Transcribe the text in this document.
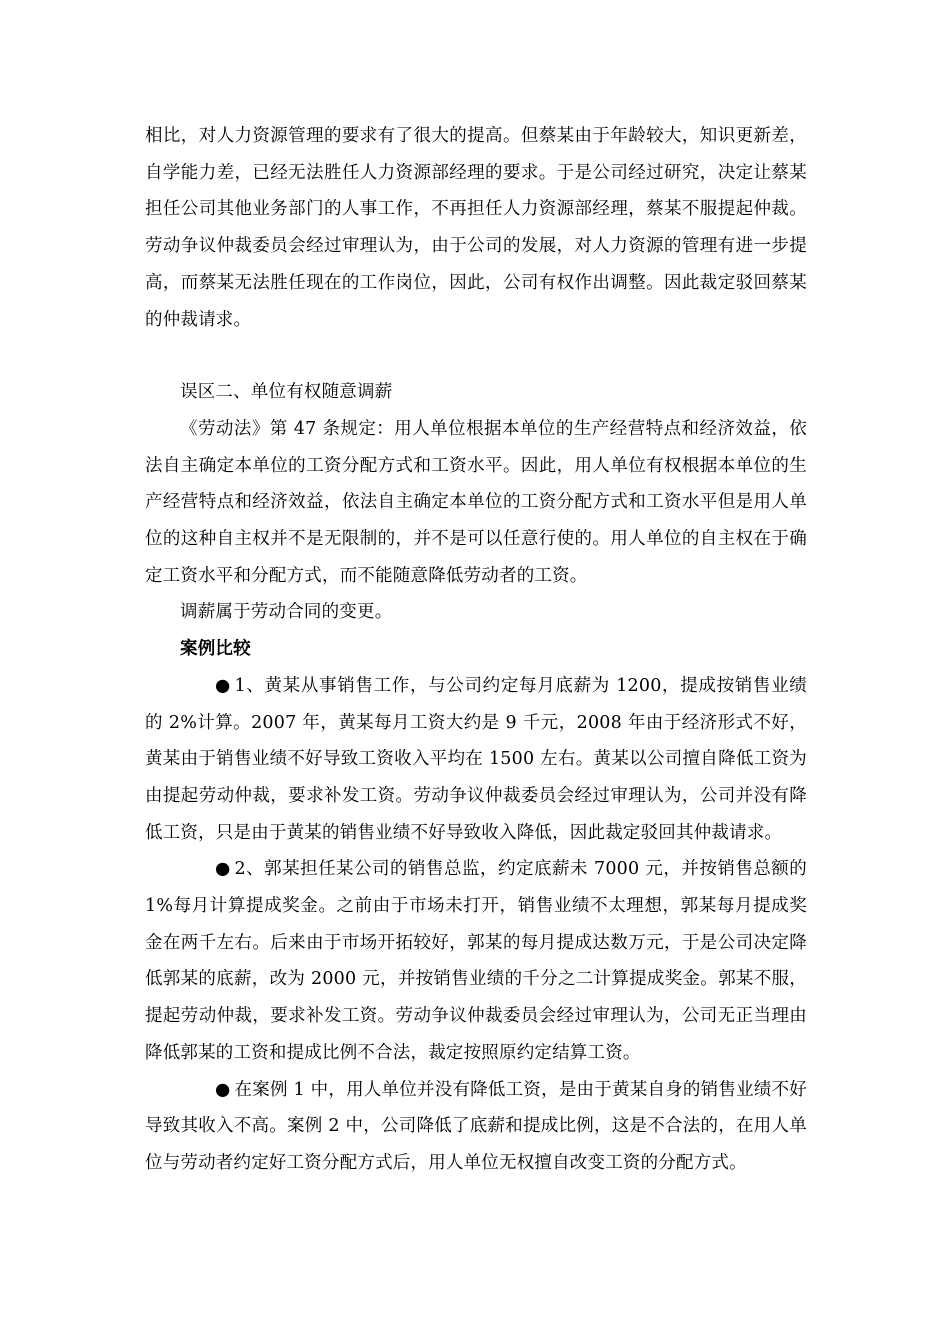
相比，对人力资源管理的要求有了很大的提高。但蔡某由于年龄较大，知识更新差，自学能力差，已经无法胜任人力资源部经理的要求。于是公司经过研究，决定让蔡某担任公司其他业务部门的人事工作，不再担任人力资源部经理，蔡某不服提起仲裁。劳动争议仲裁委员会经过审理认为，由于公司的发展，对人力资源的管理有进一步提高，而蔡某无法胜任现在的工作岗位，因此，公司有权作出调整。因此裁定驳回蔡某的仲裁请求。

误区二、单位有权随意调薪

《劳动法》第 47 条规定：用人单位根据本单位的生产经营特点和经济效益，依法自主确定本单位的工资分配方式和工资水平。因此，用人单位有权根据本单位的生产经营特点和经济效益，依法自主确定本单位的工资分配方式和工资水平但是用人单位的这种自主权并不是无限制的，并不是可以任意行使的。用人单位的自主权在于确定工资水平和分配方式，而不能随意降低劳动者的工资。

调薪属于劳动合同的变更。

案例比较

● 1、黄某从事销售工作，与公司约定每月底薪为 1200，提成按销售业绩的 2%计算。2007 年，黄某每月工资大约是 9 千元，2008 年由于经济形式不好，黄某由于销售业绩不好导致工资收入平均在 1500 左右。黄某以公司擅自降低工资为由提起劳动仲裁，要求补发工资。劳动争议仲裁委员会经过审理认为，公司并没有降低工资，只是由于黄某的销售业绩不好导致收入降低，因此裁定驳回其仲裁请求。

● 2、郭某担任某公司的销售总监，约定底薪未 7000 元，并按销售总额的 1%每月计算提成奖金。之前由于市场未打开，销售业绩不太理想，郭某每月提成奖金在两千左右。后来由于市场开拓较好，郭某的每月提成达数万元，于是公司决定降低郭某的底薪，改为 2000 元，并按销售业绩的千分之二计算提成奖金。郭某不服，提起劳动仲裁，要求补发工资。劳动争议仲裁委员会经过审理认为，公司无正当理由降低郭某的工资和提成比例不合法，裁定按照原约定结算工资。

● 在案例 1 中，用人单位并没有降低工资，是由于黄某自身的销售业绩不好导致其收入不高。案例 2 中，公司降低了底薪和提成比例，这是不合法的，在用人单位与劳动者约定好工资分配方式后，用人单位无权擅自改变工资的分配方式。
